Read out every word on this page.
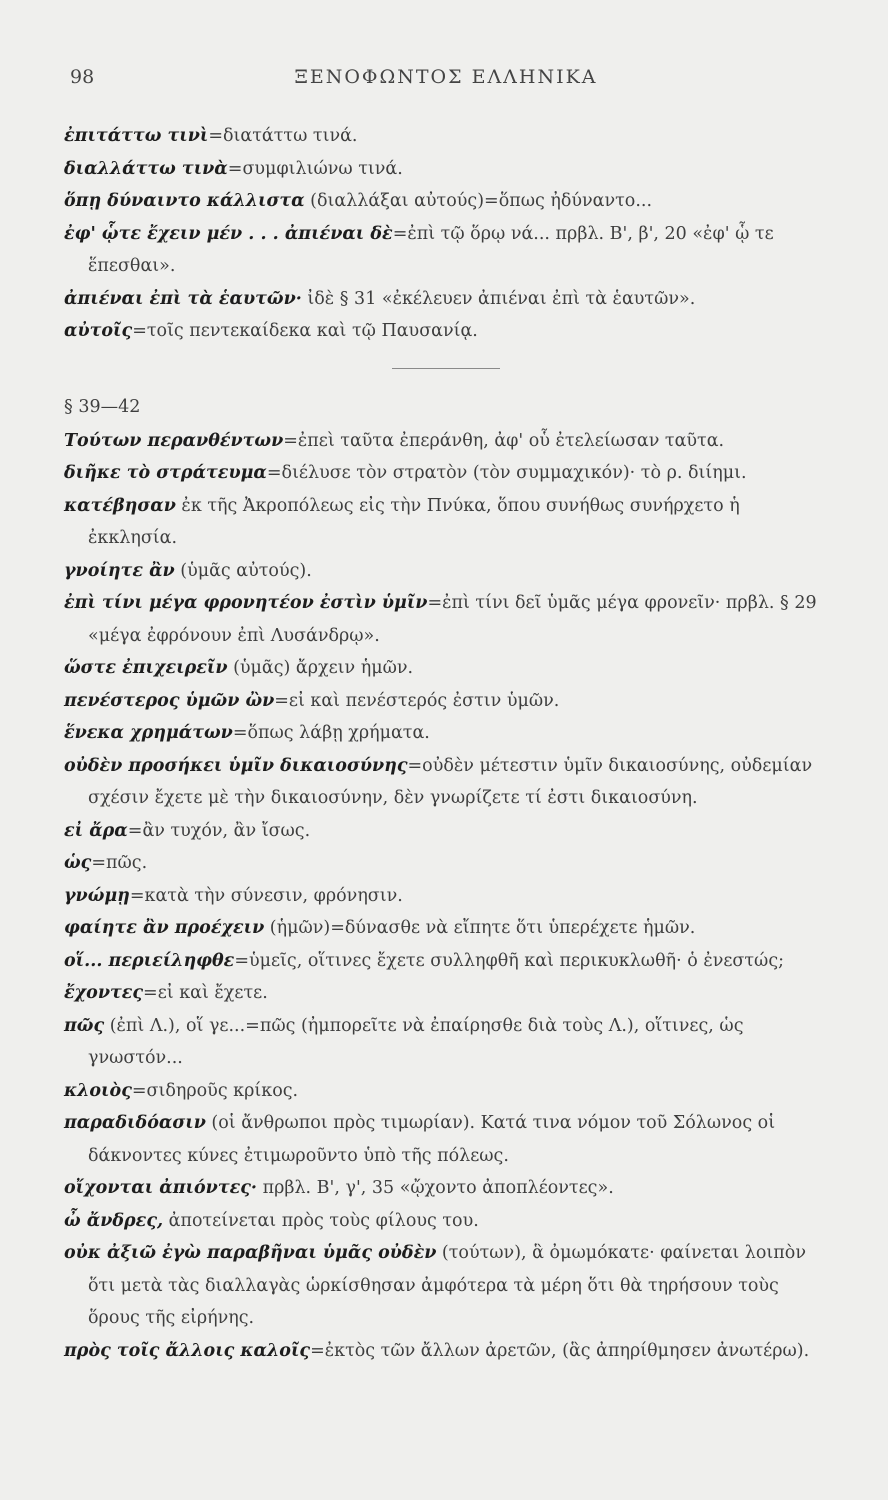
98	ΞΕΝΟΦΩΝΤΟΣ ΕΛΛΗΝΙΚΑ

ἐπιτάττω τινὶ=διατάττω τινά.

διαλλάττω τινὰ=συμφιλιώνω τινά.

ὅπῃ δύναιντο κάλλιστα (διαλλάξαι αὐτούς)=ὅπως ἠδύναντο...

ἐφ' ᾧτε ἔχειν μέν . . . ἀπιέναι δὲ=ἐπὶ τῷ ὅρῳ νά... πρβλ. Β', β', 20 «ἐφ' ᾧ τε ἕπεσθαι».

ἀπιέναι ἐπὶ τὰ ἑαυτῶν· ἰδὲ § 31 «ἐκέλευεν ἀπιέναι ἐπὶ τὰ ἑαυτῶν».

αὐτοῖς=τοῖς πεντεκαίδεκα καὶ τῷ Παυσανίᾳ.

§ 39—42

Τούτων περανθέντων=ἐπεὶ ταῦτα ἐπεράνθη, ἀφ' οὗ ἐτελείωσαν ταῦτα.

διῆκε τὸ στράτευμα=διέλυσε τὸν στρατὸν (τὸν συμμαχικόν)· τὸ ρ. διίημι.

κατέβησαν ἐκ τῆς Ἀκροπόλεως εἰς τὴν Πνύκα, ὅπου συνήθως συνήρχετο ἡ ἐκκλησία.

γνοίητε ἂν (ὑμᾶς αὐτούς).

ἐπὶ τίνι μέγα φρονητέον ἐστὶν ὑμῖν=ἐπὶ τίνι δεῖ ὑμᾶς μέγα φρονεῖν· πρβλ. § 29 «μέγα ἐφρόνουν ἐπὶ Λυσάνδρῳ».

ὥστε ἐπιχειρεῖν (ὑμᾶς) ἄρχειν ἡμῶν.

πενέστερος ὑμῶν ὢν=εἰ καὶ πενέστερός ἐστιν ὑμῶν.

ἕνεκα χρημάτων=ὅπως λάβῃ χρήματα.

οὐδὲν προσήκει ὑμῖν δικαιοσύνης=οὐδὲν μέτεστιν ὑμῖν δικαιοσύνης, οὐδεμίαν σχέσιν ἔχετε μὲ τὴν δικαιοσύνην, δὲν γνωρίζετε τί ἐστι δικαιοσύνη.

εἰ ἄρα=ἂν τυχόν, ἂν ἴσως.

ὡς=πῶς.

γνώμῃ=κατὰ τὴν σύνεσιν, φρόνησιν.

φαίητε ἂν προέχειν (ἡμῶν)=δύνασθε νὰ εἴπητε ὅτι ὑπερέχετε ἡμῶν.

οἵ... περιείληφθε=ὑμεῖς, οἵτινες ἔχετε συλληφθῆ καὶ περικυκλωθῆ· ὁ ἐνεστώς;

ἔχοντες=εἰ καὶ ἔχετε.

πῶς (ἐπὶ Λ.), οἵ γε...=πῶς (ἠμπορεῖτε νὰ ἐπαίρησθε διὰ τοὺς Λ.), οἵτινες, ὡς γνωστόν...

κλοιὸς=σιδηροῦς κρίκος.

παραδιδόασιν (οἱ ἄνθρωποι πρὸς τιμωρίαν). Κατά τινα νόμον τοῦ Σόλωνος οἱ δάκνοντες κύνες ἐτιμωροῦντο ὑπὸ τῆς πόλεως.

οἴχονται ἀπιόντες· πρβλ. Β', γ', 35 «ᾤχοντο ἀποπλέοντες».

ὦ ἄνδρες, ἀποτείνεται πρὸς τοὺς φίλους του.

οὐκ ἀξιῶ ἐγὼ παραβῆναι ὑμᾶς οὐδὲν (τούτων), ἃ ὀμωμόκατε· φαίνεται λοιπὸν ὅτι μετὰ τὰς διαλλαγὰς ὡρκίσθησαν ἀμφότερα τὰ μέρη ὅτι θὰ τηρήσουν τοὺς ὅρους τῆς εἰρήνης.

πρὸς τοῖς ἄλλοις καλοῖς=ἐκτὸς τῶν ἄλλων ἀρετῶν, (ἃς ἀπηρίθμησεν ἀνωτέρω).
